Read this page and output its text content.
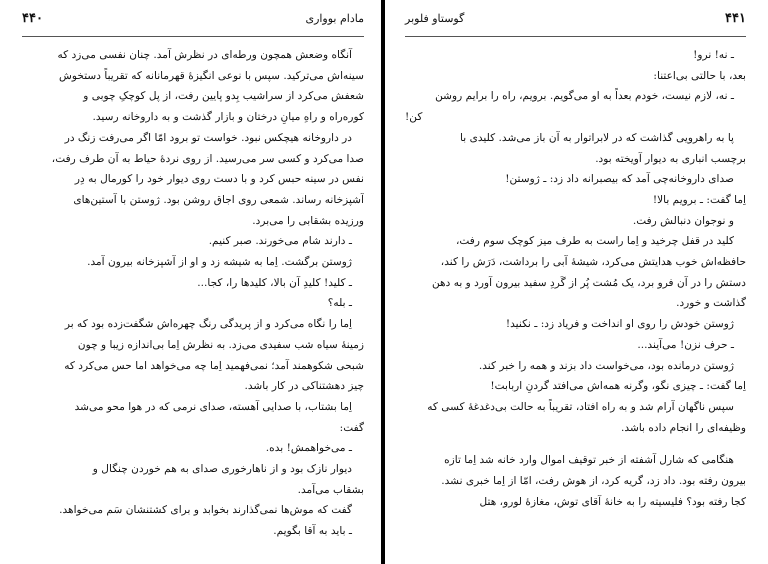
مادام بوواری
۴۴۰

آنگاه وضعش همچون ورطه‌ای در نظرش آمد. چنان نفسی می‌زد که

سینه‌اش می‌ترکید. سپس با نوعی انگیزهٔ قهرمانانه که تقریباً دستخوش

شعفش می‌کرد از سراشیب بِدو پایین رفت، از پل کوچکِ چوبی و

کوره‌راه و راهِ میانِ درختان و بازار گذشت و به داروخانه رسید.

در داروخانه هیچکس نبود. خواست تو برود امّا اگر می‌رفت زنگ در

صدا می‌کرد و کسی سر می‌رسید. از روی نردهٔ حیاط به آن طرف رفت،

نفس در سینه حبس کرد و با دست روی دیوار خود را کورمال به دِر

آشپزخانه رساند. شمعی روی اجاق روشن بود. ژوستن با آستین‌های

ورزیده بشقابی را می‌برد.

ـ دارند شام می‌خورند. صبر کنیم.

ژوستن برگشت. اِما به شیشه زد و او از آشپزخانه بیرون آمد.

ـ کلید! کلیدِ آن بالا، کلیدها را، کجا...

ـ بله؟

اِما را نگاه می‌کرد و از پریدگی رنگ چهره‌اش شگفت‌زده بود که بر

زمینهٔ سیاه شب سفیدی می‌زد. به نظرش اِما بی‌اندازه زیبا و چون

شبحی شکوهمند آمد؛ نمی‌فهمید اِما چه می‌خواهد اما حس می‌کرد که

چیز دهشتناکی در کار باشد.

اِما بشتاب، با صدایی آهسته، صدای نرمی که در هوا محو می‌شد

گفت:

ـ می‌خواهمش! بده.

دیوار نازک بود و از ناهارخوری صدای به هم خوردن چنگال و

بشقاب می‌آمد.

گفت که موش‌ها نمی‌گذارند بخوابد و برای کشتنشان سَم می‌خواهد.

ـ باید به آقا بگویم.

۴۴۱
گوستاو فلوبر

ـ نه! نرو!

بعد، با حالتی بی‌اعتنا:

ـ نه، لازم نیست، خودم بعداً به او می‌گویم. برویم، راه را برایم روشن

کن!

پا به راهرویی گذاشت که در لابراتوار به آن باز می‌شد. کلیدی با

برچسب انباری به دیوار آویخته بود.

صدای داروخانه‌چی آمد که بیصبرانه داد زد: ـ ژوستن!

اِما گفت: ـ برویم بالا!

و نوجوان دنبالش رفت.

کلید در قفل چرخید و اِما راست به طرف میز کوچک سوم رفت،

حافظه‌اش خوب هدایتش می‌کرد، شیشهٔ آبی را برداشت، دَرَش را کند،

دستش را در آن فرو برد، یک مُشت پُر از گَردِ سفید بیرون آورد و به دهن

گذاشت و خورد.

ژوستن خودش را روی او انداخت و فریاد زد: ـ نکنید!

ـ حرف نزن! می‌آیند...

ژوستن درمانده بود، می‌خواست داد بزند و همه را خبر کند.

اِما گفت: ـ چیزی نگو، وگرنه همه‌اش می‌افتد گردنِ اربابت!

سپس ناگهان آرام شد و به راه افتاد، تقریباً به حالت بی‌دغدغهٔ کسی که

وظیفه‌ای را انجام داده باشد.

هنگامی که شارل آشفته از خبر توقیف اموال وارد خانه شد اِما تازه

بیرون رفته بود. داد زد، گریه کرد، از هوش رفت، امّا از اِما خبری نشد.

کجا رفته بود؟ فلیسیته را به خانهٔ آقای توش، مغازهٔ لورو، هتل
